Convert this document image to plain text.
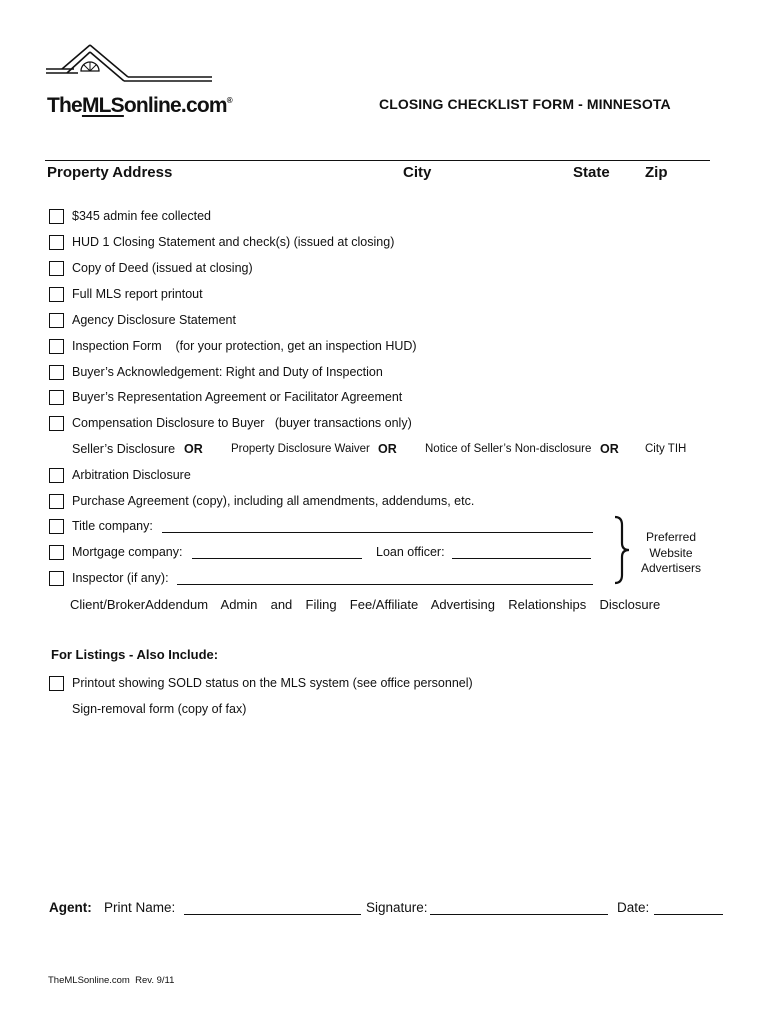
TheMLSonline.com®	CLOSING CHECKLIST FORM - MINNESOTA
Property Address	City	State Zip
$345 admin fee collected
HUD 1 Closing Statement and check(s) (issued at closing)
Copy of Deed (issued at closing)
Full MLS report printout
Agency Disclosure Statement
Inspection Form    (for your protection, get an inspection HUD)
Buyer’s Acknowledgement: Right and Duty of Inspection
Buyer’s Representation Agreement or Facilitator Agreement
Compensation Disclosure to Buyer   (buyer transactions only)
Seller’s Disclosure OR Property Disclosure Waiver OR Notice of Seller’s Non-disclosure OR City TIH
Arbitration Disclosure
Purchase Agreement (copy), including all amendments, addendums, etc.
Title company:
Mortgage company:	Loan officer:
Inspector (if any):
Preferred
Website
Advertisers
Client/BrokerAddendum  Admin  and  Filing  Fee/Affiliate  Advertising  Relationships  Disclosure
For Listings - Also Include:
Printout showing SOLD status on the MLS system (see office personnel)
Sign-removal form (copy of fax)
Agent: Print Name:	Signature:	Date:
TheMLSonline.com  Rev. 9/11
